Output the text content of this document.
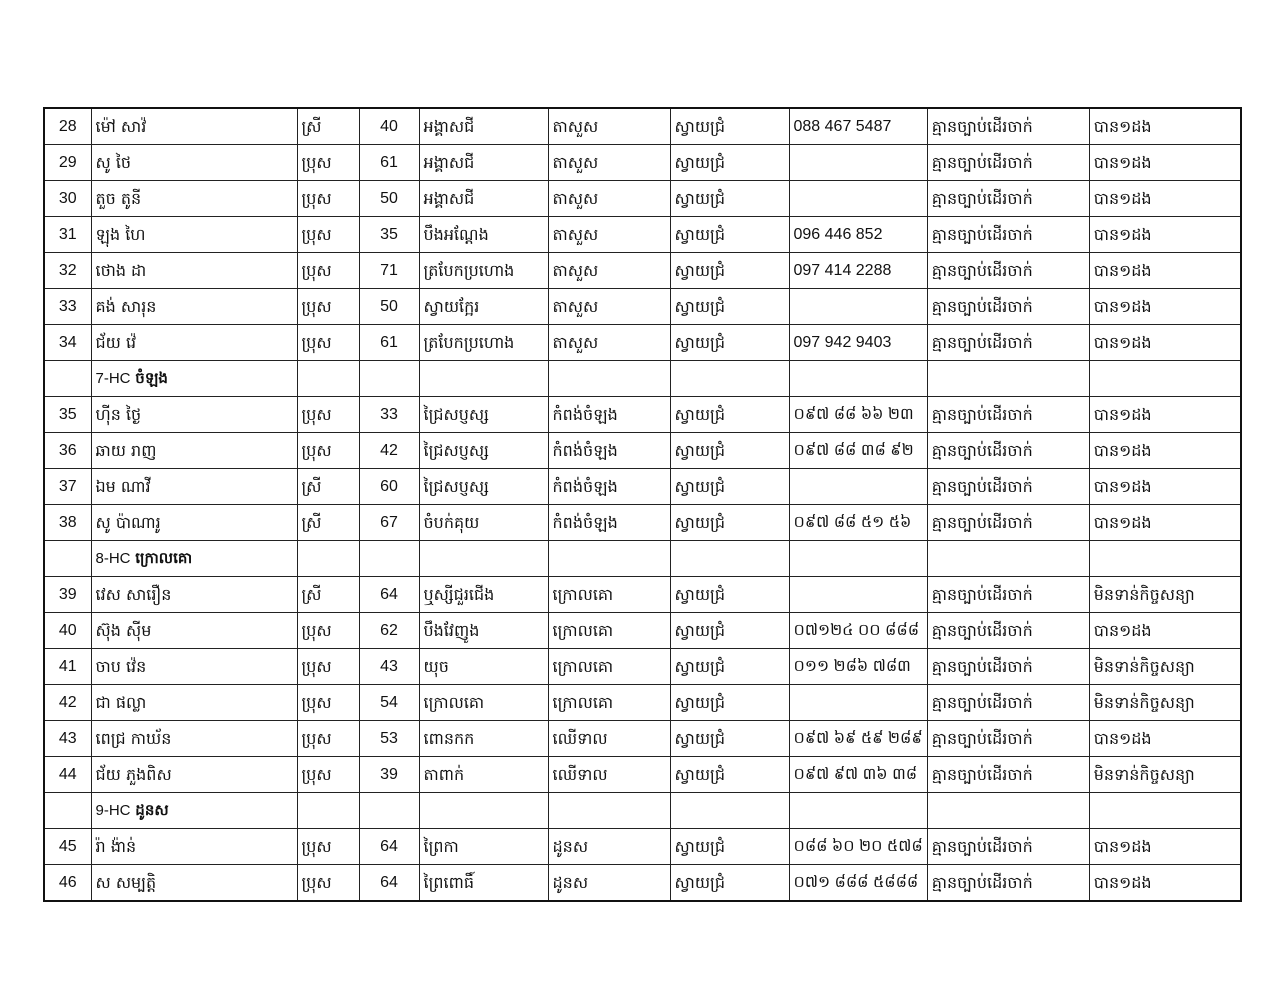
28	ម៉ៅ សាវ៉	ស្រី	40	អង្គាសជី	តាសួស	ស្វាយជ្រំ	088 467 5487	គ្មានច្បាប់ដើរចាក់	បាន១ដង
29	សូ ថៃ	ប្រុស	61	អង្គាសជី	តាសួស	ស្វាយជ្រំ		គ្មានច្បាប់ដើរចាក់	បាន១ដង
30	តួច តូនី	ប្រុស	50	អង្គាសជី	តាសួស	ស្វាយជ្រំ		គ្មានច្បាប់ដើរចាក់	បាន១ដង
31	ឡុង ហៃ	ប្រុស	35	បឹងអណ្តែង	តាសួស	ស្វាយជ្រំ	096 446 852	គ្មានច្បាប់ដើរចាក់	បាន១ដង
32	ថោង ដា	ប្រុស	71	ត្របែកប្រហោង	តាសួស	ស្វាយជ្រំ	097 414 2288	គ្មានច្បាប់ដើរចាក់	បាន១ដង
33	គង់ សារុន	ប្រុស	50	ស្វាយក្អែរ	តាសួស	ស្វាយជ្រំ		គ្មានច្បាប់ដើរចាក់	បាន១ដង
34	ជ័យ វ៉េ	ប្រុស	61	ត្របែកប្រហោង	តាសួស	ស្វាយជ្រំ	097 942 9403	គ្មានច្បាប់ដើរចាក់	បាន១ដង
	7-HC ចំឡង								
35	ហ៊ីន ថ្ងៃ	ប្រុស	33	ជ្រៃសប្ញស្ស	កំពង់ចំឡង	ស្វាយជ្រំ	០៩៧ ៨៨ ៦៦ ២៣	គ្មានច្បាប់ដើរចាក់	បាន១ដង
36	ឆាយ រាញ	ប្រុស	42	ជ្រៃសប្ញស្ស	កំពង់ចំឡង	ស្វាយជ្រំ	០៩៧ ៨៨ ៣៨ ៩២	គ្មានច្បាប់ដើរចាក់	បាន១ដង
37	ឯម ណាវី	ស្រី	60	ជ្រៃសប្ញស្ស	កំពង់ចំឡង	ស្វាយជ្រំ		គ្មានច្បាប់ដើរចាក់	បាន១ដង
38	សូ ប៉ាណារូ	ស្រី	67	ចំបក់គុយ	កំពង់ចំឡង	ស្វាយជ្រំ	០៩៧ ៨៨ ៥១ ៥៦	គ្មានច្បាប់ដើរចាក់	បាន១ដង
	8-HC ក្រោលគោ								
39	វេស សារឿន	ស្រី	64	ឬស្សីជួរជើង	ក្រោលគោ	ស្វាយជ្រំ		គ្មានច្បាប់ដើរចាក់	មិនទាន់កិច្ចសន្យា
40	ស៊ុង ស៊ីម	ប្រុស	62	បឹងវែញូង	ក្រោលគោ	ស្វាយជ្រំ	០៧១២៤ ០០ ៨៨៨	គ្មានច្បាប់ដើរចាក់	បាន១ដង
41	ចាប វ៉េន	ប្រុស	43	យុច	ក្រោលគោ	ស្វាយជ្រំ	០១១ ២៨៦ ៧៨៣	គ្មានច្បាប់ដើរចាក់	មិនទាន់កិច្ចសន្យា
42	ជា ផល្លា	ប្រុស	54	ក្រោលគោ	ក្រោលគោ	ស្វាយជ្រំ		គ្មានច្បាប់ដើរចាក់	មិនទាន់កិច្ចសន្យា
43	ពេជ្រ កាឃ័ន	ប្រុស	53	ពោនកក	ឈើទាល	ស្វាយជ្រំ	០៩៧ ៦៩ ៥៩ ២៨៩	គ្មានច្បាប់ដើរចាក់	បាន១ដង
44	ជ័យ ភួងពិស	ប្រុស	39	តាពាក់	ឈើទាល	ស្វាយជ្រំ	០៩៧ ៩៧ ៣៦ ៣៨	គ្មានច្បាប់ដើរចាក់	មិនទាន់កិច្ចសន្យា
	9-HC ដូនស								
45	រ៉ា ង៉ាន់	ប្រុស	64	ព្រៃកា	ដូនស	ស្វាយជ្រំ	០៨៨ ៦០ ២០ ៥៧៨	គ្មានច្បាប់ដើរចាក់	បាន១ដង
46	ស សម្បត្តិ	ប្រុស	64	ព្រៃពោធិ៍	ដូនស	ស្វាយជ្រំ	០៧១ ៨៨៨ ៥៨៨៨	គ្មានច្បាប់ដើរចាក់	បាន១ដង
